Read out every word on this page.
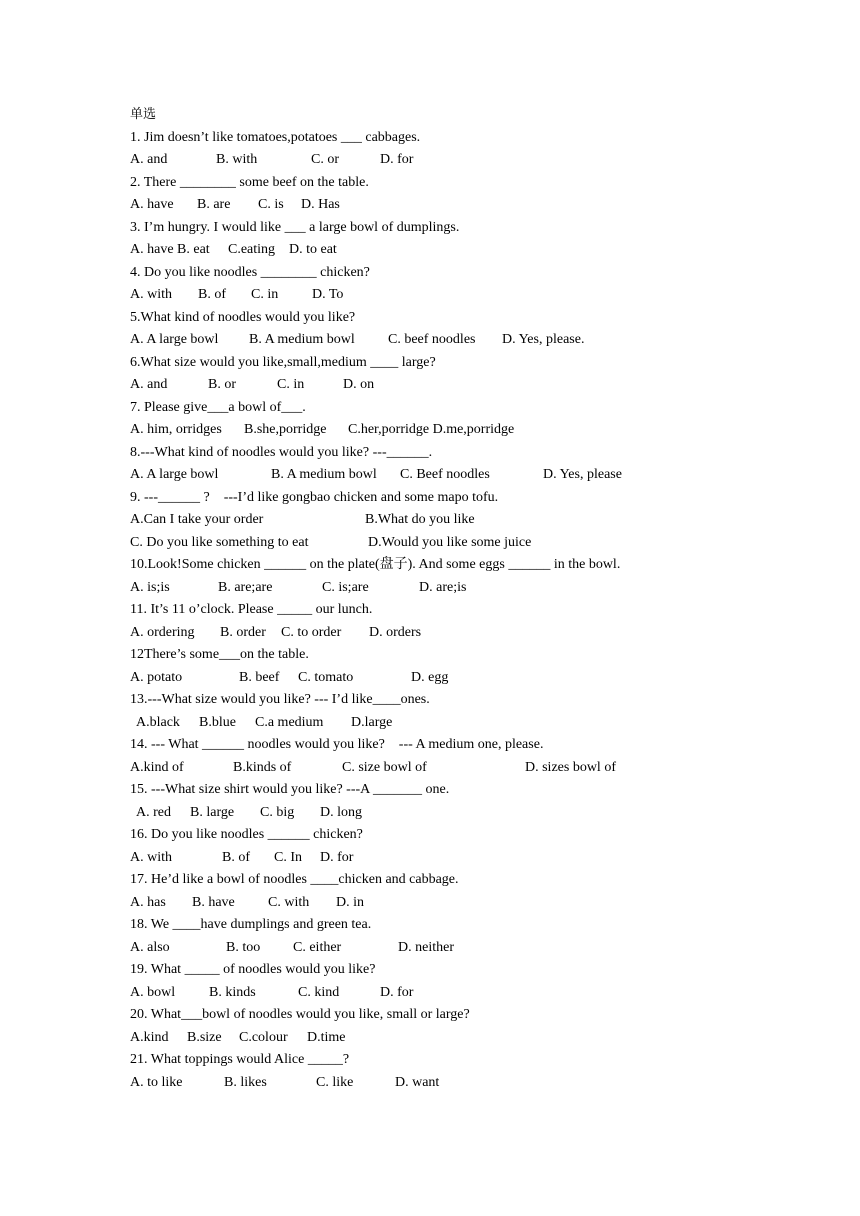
单选
1. Jim doesn’t like tomatoes,potatoes ___ cabbages.

A. and

	B. with

	C. or

	D. for

2. There ________ some beef on the table.

A. have

B. are

C. is

D. Has

3. I’m hungry. I would like ___ a large bowl of dumplings.

A. have B. eat

C.eating

D. to eat

4. Do you like noodles ________ chicken?

A. with

B. of

C. in

D. To

5.What kind of noodles would you like?

A. A large bowl

B. A medium bowl

C. beef noodles

D. Yes, please.

6.What size would you like,small,medium ____ large?

A. and

	B. or

	C. in

	D. on

7. Please give___a bowl of___.

A. him, orridges

B.she,porridge

C.her,porridge D.me,porridge

8.---What kind of noodles would you like? ---______.

A. A large bowl

	B. A medium bowl

C. Beef noodles

	D. Yes, please

9. ---______ ?    ---I’d like gongbao chicken and some mapo tofu.

A.Can I take your order

	B.What do you like

C. Do you like something to eat

	D.Would you like some juice

10.Look!Some chicken ______ on the plate(盘子). And some eggs ______ in the bowl.

A. is;is

	B. are;are

	C. is;are

	D. are;is

11. It’s 11 o’clock. Please _____ our lunch.

A. ordering

B. order

C. to order

D. orders

12There’s some___on the table.

A. potato

	B. beef

C. tomato

	D. egg

13.---What size would you like? --- I’d like____ones.

A.black

B.blue

C.a medium

D.large

14. --- What ______ noodles would you like?    --- A medium one, please.

A.kind of

	B.kinds of

	C. size bowl of

	D. sizes bowl of

15. ---What size shirt would you like? ---A _______ one.

A. red

B. large

C. big

D. long

16. Do you like noodles ______ chicken?

A. with

	B. of

C. In

D. for

17. He’d like a bowl of noodles ____chicken and cabbage.

A. has

B. have

C. with

D. in

18. We ____have dumplings and green tea.

A. also

	B. too

C. either

	D. neither

19. What _____ of noodles would you like?

A. bowl

B. kinds

	C. kind

	D. for

20. What___bowl of noodles would you like, small or large?

A.kind

B.size

C.colour

D.time

21. What toppings would Alice _____?

A. to like

	B. likes

	C. like

	D. want
